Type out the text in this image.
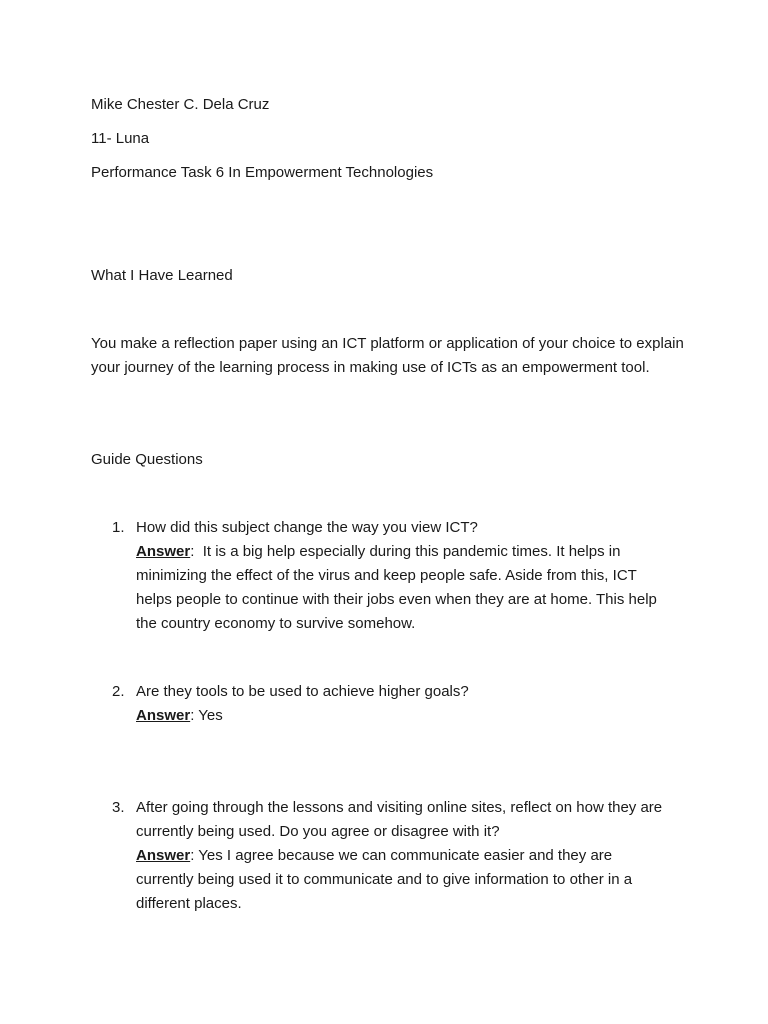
Mike Chester C. Dela Cruz
11- Luna
Performance Task 6 In Empowerment Technologies
What I Have Learned
You make a reflection paper using an ICT platform or application of your choice to explain your journey of the learning process in making use of ICTs as an empowerment tool.
Guide Questions
1. How did this subject change the way you view ICT?
Answer:  It is a big help especially during this pandemic times. It helps in minimizing the effect of the virus and keep people safe. Aside from this, ICT helps people to continue with their jobs even when they are at home. This help the country economy to survive somehow.
2. Are they tools to be used to achieve higher goals?
Answer: Yes
3. After going through the lessons and visiting online sites, reflect on how they are currently being used. Do you agree or disagree with it?
Answer: Yes I agree because we can communicate easier and they are currently being used it to communicate and to give information to other in a different places.
